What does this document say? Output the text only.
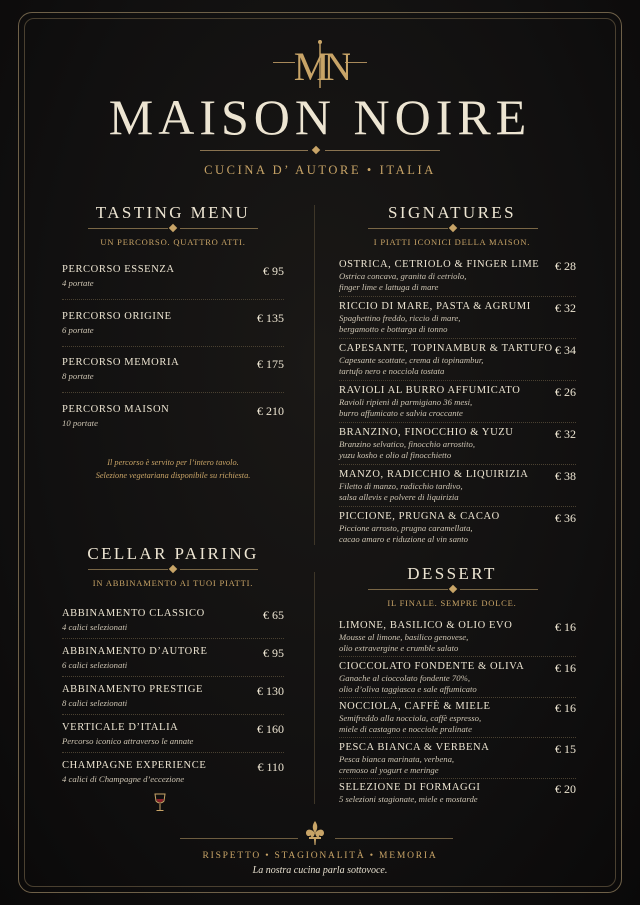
MN
MAISON NOIRE
CUCINA D’ AUTORE • ITALIA
TASTING MENU
UN PERCORSO. QUATTRO ATTI.
PERCORSO ESSENZA
4 portate
€ 95
PERCORSO ORIGINE
6 portate
€ 135
PERCORSO MEMORIA
8 portate
€ 175
PERCORSO MAISON
10 portate
€ 210
Il percorso è servito per l’intero tavolo.
Selezione vegetariana disponibile su richiesta.
CELLAR PAIRING
IN ABBINAMENTO AI TUOI PIATTI.
ABBINAMENTO CLASSICO
4 calici selezionati
€ 65
ABBINAMENTO D’AUTORE
6 calici selezionati
€ 95
ABBINAMENTO PRESTIGE
8 calici selezionati
€ 130
VERTICALE D’ITALIA
Percorso iconico attraverso le annate
€ 160
CHAMPAGNE EXPERIENCE
4 calici di Champagne d’eccezione
€ 110
SIGNATURES
I PIATTI ICONICI DELLA MAISON.
OSTRICA, CETRIOLO & FINGER LIME
Ostrica concava, granita di cetriolo,
finger lime e lattuga di mare
€ 28
RICCIO DI MARE, PASTA & AGRUMI
Spaghettino freddo, riccio di mare,
bergamotto e bottarga di tonno
€ 32
CAPESANTE, TOPINAMBUR & TARTUFO
Capesante scottate, crema di topinambur,
tartufo nero e nocciola tostata
€ 34
RAVIOLI AL BURRO AFFUMICATO
Ravioli ripieni di parmigiano 36 mesi,
burro affumicato e salvia croccante
€ 26
BRANZINO, FINOCCHIO & YUZU
Branzino selvatico, finocchio arrostito,
yuzu kosho e olio al finocchietto
€ 32
MANZO, RADICCHIO & LIQUIRIZIA
Filetto di manzo, radicchio tardivo,
salsa allevis e polvere di liquirizia
€ 38
PICCIONE, PRUGNA & CACAO
Piccione arrosto, prugna caramellata,
cacao amaro e riduzione al vin santo
€ 36
DESSERT
IL FINALE. SEMPRE DOLCE.
LIMONE, BASILICO & OLIO EVO
Mousse al limone, basilico genovese,
olio extravergine e crumble salato
€ 16
CIOCCOLATO FONDENTE & OLIVA
Ganache al cioccolato fondente 70%,
olio d’oliva taggiasca e sale affumicato
€ 16
NOCCIOLA, CAFFÈ & MIELE
Semifreddo alla nocciola, caffè espresso,
miele di castagno e nocciole pralinate
€ 16
PESCA BIANCA & VERBENA
Pesca bianca marinata, verbena,
cremoso al yogurt e meringe
€ 15
SELEZIONE DI FORMAGGI
5 selezioni stagionate, miele e mostarde
€ 20
RISPETTO • STAGIONALITÀ • MEMORIA
La nostra cucina parla sottovoce.
